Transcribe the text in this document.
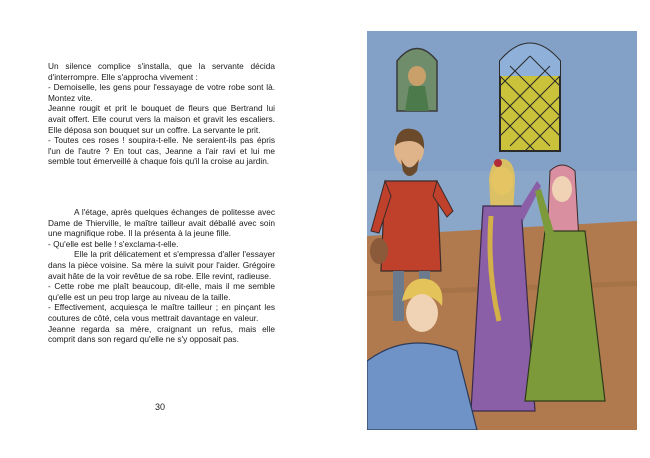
Un silence complice s'installa, que la servante décida d'interrompre. Elle s'approcha vivement :

- Demoiselle, les gens pour l'essayage de votre robe sont là. Montez vite.

Jeanne rougit et prit le bouquet de fleurs que Bertrand lui avait offert. Elle courut vers la maison et gravit les escaliers. Elle déposa son bouquet sur un coffre. La servante le prit.

- Toutes ces roses ! soupira-t-elle. Ne seraient-ils pas épris l'un de l'autre ? En tout cas, Jeanne a l'air ravi et lui me semble tout émerveillé à chaque fois qu'il la croise au jardin.

A l'étage, après quelques échanges de politesse avec Dame de Thierville, le maître tailleur avait déballé avec soin une magnifique robe. Il la présenta à la jeune fille.

- Qu'elle est belle ! s'exclama-t-elle.

Elle la prit délicatement et s'empressa d'aller l'essayer dans la pièce voisine. Sa mère la suivit pour l'aider. Grégoire avait hâte de la voir revêtue de sa robe. Elle revint, radieuse.

- Cette robe me plaît beaucoup, dit-elle, mais il me semble qu'elle est un peu trop large au niveau de la taille.

- Effectivement, acquiesça le maître tailleur ; en pinçant les coutures de côté, cela vous mettrait davantage en valeur.

Jeanne regarda sa mère, craignant un refus, mais elle comprit dans son regard qu'elle ne s'y opposait pas.

30
